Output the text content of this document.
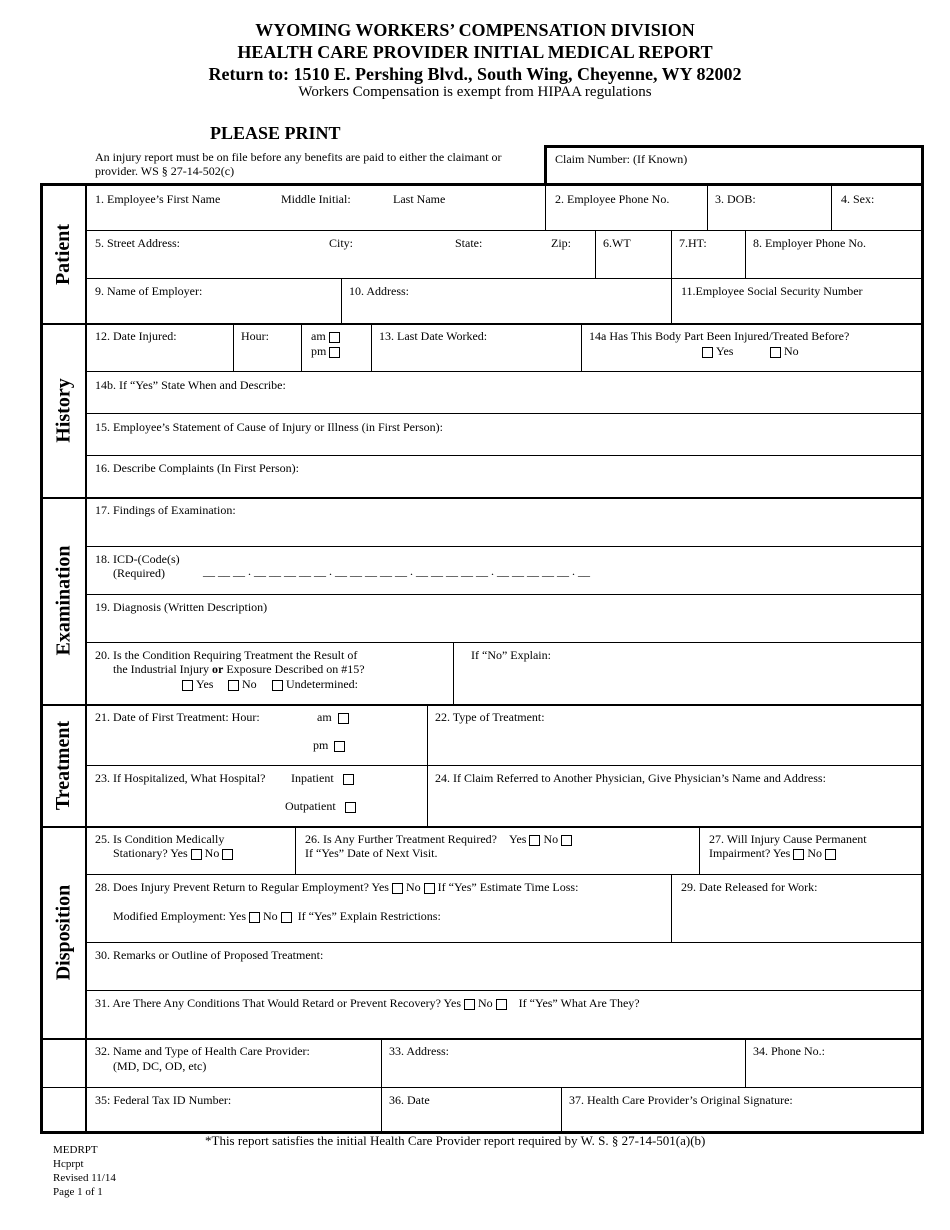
WYOMING WORKERS’ COMPENSATION DIVISION
HEALTH CARE PROVIDER INITIAL MEDICAL REPORT
Return to: 1510 E. Pershing Blvd., South Wing, Cheyenne, WY 82002
Workers Compensation is exempt from HIPAA regulations
PLEASE PRINT
An injury report must be on file before any benefits are paid to either the claimant or provider. WS § 27-14-502(c)
Claim Number: (If Known)
Patient
History
Examination
Treatment
Disposition
1. Employee’s First Name	Middle Initial:	Last Name	2. Employee Phone No.	3. DOB:	4. Sex:
5. Street Address:	City:	State:	Zip:	6.WT	7.HT:	8. Employer Phone No.
9. Name of Employer:	10. Address:	11.Employee Social Security Number
12. Date Injured:	Hour:	am
pm
13. Last Date Worked:	14a Has This Body Part Been Injured/Treated Before?
Yes	No
14b. If “Yes” State When and Describe:
15. Employee’s Statement of Cause of Injury or Illness (in First Person):
16. Describe Complaints (In First Person):
17. Findings of Examination:
18. ICD-(Code(s)
(Required)	__ __ __ . __ __ __ __ __ . __ __ __ __ __ . __ __ __ __ __ . __ __ __ __ __ . __
19. Diagnosis (Written Description)
20. Is the Condition Requiring Treatment the Result of
the Industrial Injury or Exposure Described on #15?
Yes	No	Undetermined:
If “No” Explain:
21. Date of First Treatment: Hour:	am
pm
22. Type of Treatment:
23. If Hospitalized, What Hospital? Inpatient
Outpatient
24. If Claim Referred to Another Physician, Give Physician’s Name and Address:
25. Is Condition Medically
Stationary? Yes No
26. Is Any Further Treatment Required? Yes No
If “Yes” Date of Next Visit.
27. Will Injury Cause Permanent
Impairment? Yes No
28. Does Injury Prevent Return to Regular Employment? Yes No If “Yes” Estimate Time Loss:
Modified Employment: Yes No If “Yes” Explain Restrictions:
29. Date Released for Work:
30. Remarks or Outline of Proposed Treatment:
31. Are There Any Conditions That Would Retard or Prevent Recovery? Yes No If “Yes” What Are They?
32. Name and Type of Health Care Provider:
(MD, DC, OD, etc)
33. Address:	34. Phone No.:
35: Federal Tax ID Number:	36. Date	37. Health Care Provider’s Original Signature:
*This report satisfies the initial Health Care Provider report required by W. S. § 27-14-501(a)(b)
MEDRPT
Hcprpt
Revised 11/14
Page 1 of 1
